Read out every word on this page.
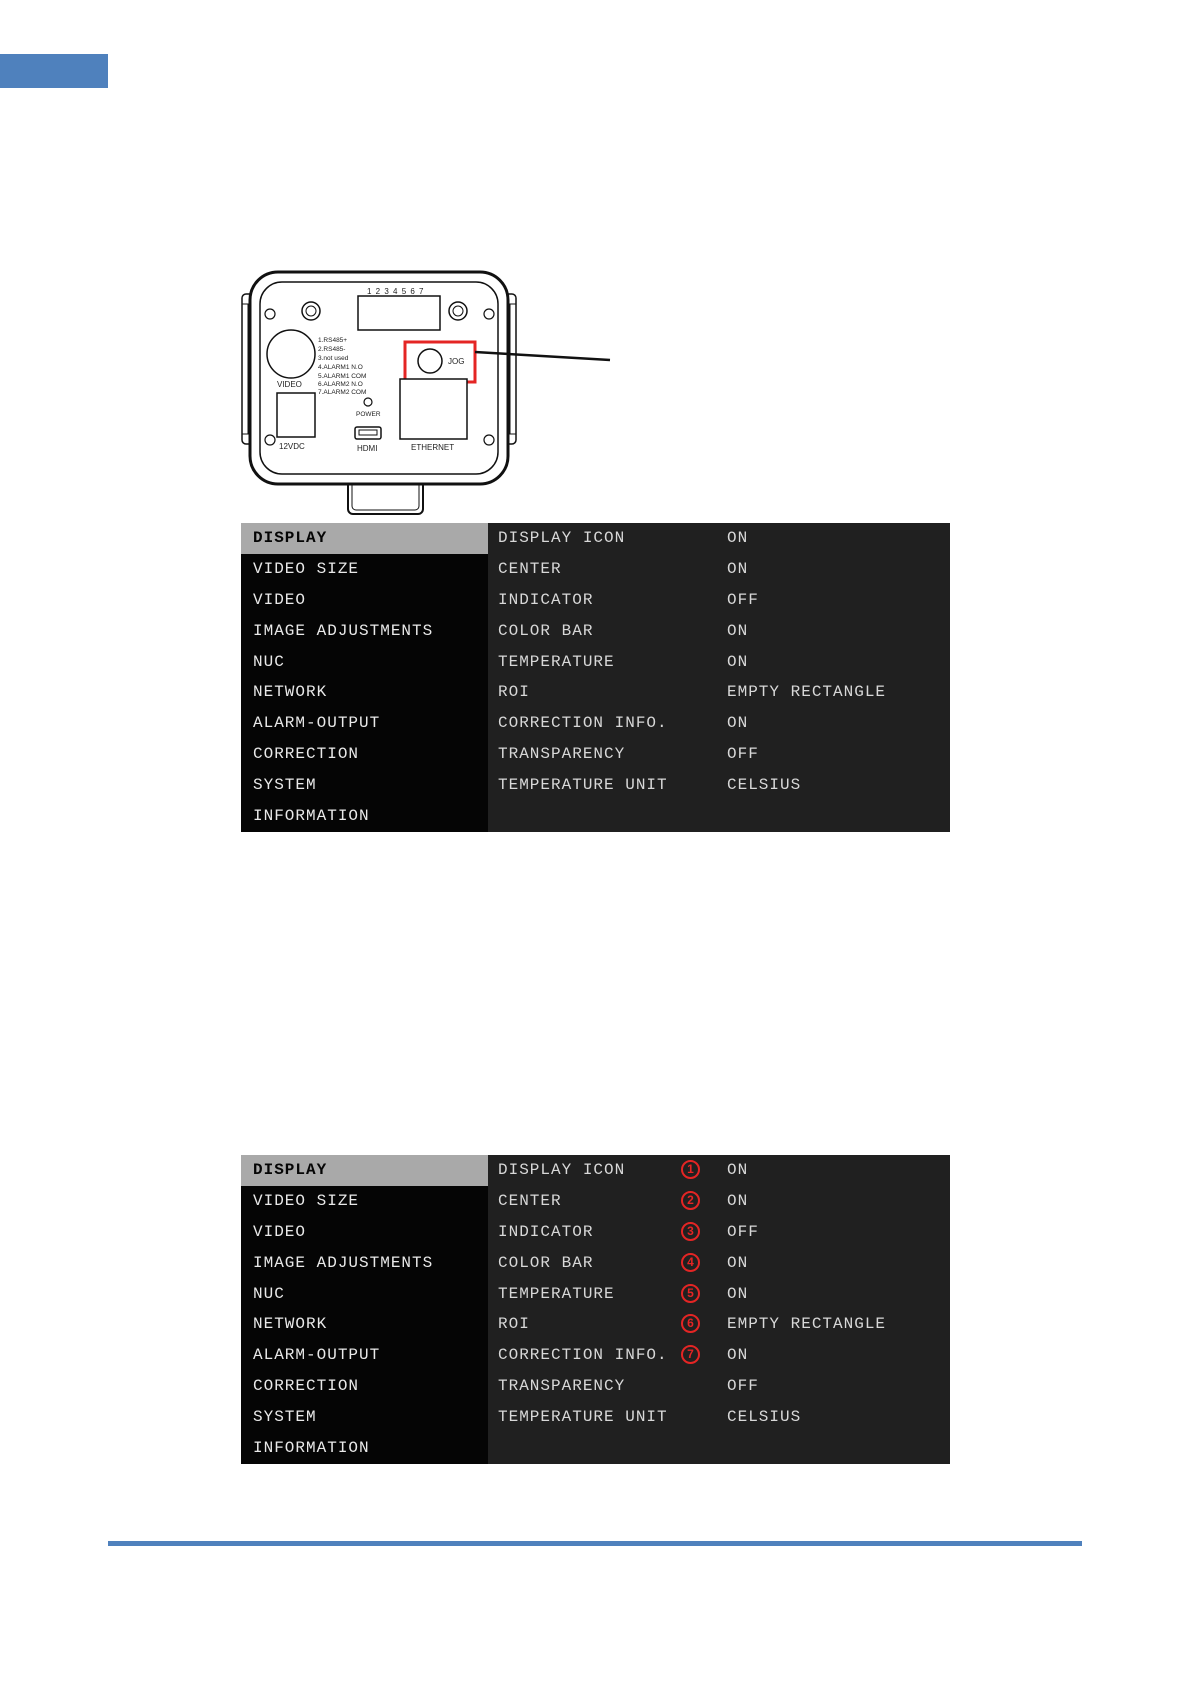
1 2 3 4 5 6 7
VIDEO
1.RS485+ 2.RS485- 3.not used 4.ALARM1 N.O 5.ALARM1 COM 6.ALARM2 N.O 7.ALARM2 COM
JOG
POWER
12VDC	HDMI	ETHERNET
DISPLAY
VIDEO SIZE
VIDEO
IMAGE ADJUSTMENTS
NUC
NETWORK
ALARM-OUTPUT
CORRECTION
SYSTEM
INFORMATION
DISPLAY ICON	ON
CENTER	ON
INDICATOR	OFF
COLOR BAR	ON
TEMPERATURE	ON
ROI	EMPTY RECTANGLE
CORRECTION INFO.	ON
TRANSPARENCY	OFF
TEMPERATURE UNIT	CELSIUS
DISPLAY
VIDEO SIZE
VIDEO
IMAGE ADJUSTMENTS
NUC
NETWORK
ALARM-OUTPUT
CORRECTION
SYSTEM
INFORMATION
DISPLAY ICON	1	ON
CENTER	2	ON
INDICATOR	3	OFF
COLOR BAR	4	ON
TEMPERATURE	5	ON
ROI	6	EMPTY RECTANGLE
CORRECTION INFO.	7	ON
TRANSPARENCY	OFF
TEMPERATURE UNIT	CELSIUS
